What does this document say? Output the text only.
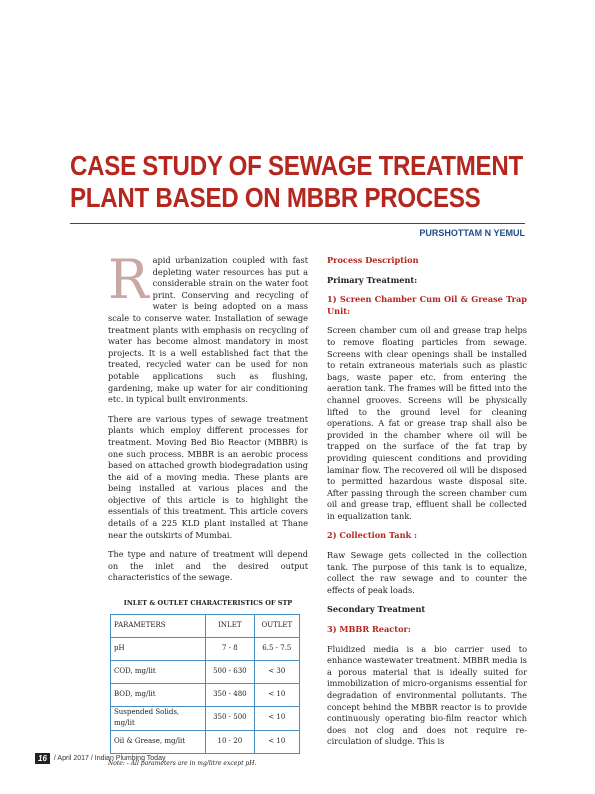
CASE STUDY OF SEWAGE TREATMENT
PLANT BASED ON MBBR PROCESS
PURSHOTTAM N YEMUL

Rapid urbanization coupled with fast depleting water resources has put a considerable strain on the water foot print. Conserving and recycling of water is being adopted on a mass scale to conserve water. Installation of sewage treatment plants with emphasis on recycling of water has become almost mandatory in most projects. It is a well established fact that the treated, recycled water can be used for non potable applications such as flushing, gardening, make up water for air conditioning etc. in typical built environments.

There are various types of sewage treatment plants which employ different processes for treatment. Moving Bed Bio Reactor (MBBR) is one such process. MBBR is an aerobic process based on attached growth biodegradation using the aid of a moving media. These plants are being installed at various places and the objective of this article is to highlight the essentials of this treatment. This article covers details of a 225 KLD plant installed at Thane near the outskirts of Mumbai.

The type and nature of treatment will depend on the inlet and the desired output characteristics of the sewage.

INLET & OUTLET CHARACTERISTICS OF STP
PARAMETERS	INLET	OUTLET
pH	7 - 8	6.5 - 7.5
COD, mg/lit	500 - 630	< 30
BOD, mg/lit	350 - 480	< 10
Suspended Solids, mg/lit	350 - 500	< 10
Oil & Grease, mg/lit	10 - 20	< 10
Note: - All parameters are in mg/litre except pH.

Process Description

Primary Treatment:

1) Screen Chamber Cum Oil & Grease Trap Unit:

Screen chamber cum oil and grease trap helps to remove floating particles from sewage. Screens with clear openings shall be installed to retain extraneous materials such as plastic bags, waste paper etc. from entering the aeration tank. The frames will be fitted into the channel grooves. Screens will be physically lifted to the ground level for cleaning operations. A fat or grease trap shall also be provided in the chamber where oil will be trapped on the surface of the fat trap by providing quiescent conditions and providing laminar flow. The recovered oil will be disposed to permitted hazardous waste disposal site. After passing through the screen chamber cum oil and grease trap, effluent shall be collected in equalization tank.

2) Collection Tank :

Raw Sewage gets collected in the collection tank. The purpose of this tank is to equalize, collect the raw sewage and to counter the effects of peak loads.

Secondary Treatment

3) MBBR Reactor:

Fluidized media is a bio carrier used to enhance wastewater treatment. MBBR media is a porous material that is ideally suited for immobilization of micro-organisms essential for degradation of environmental pollutants. The concept behind the MBBR reactor is to provide continuously operating bio-film reactor which does not clog and does not require re-circulation of sludge. This is

16	/ April 2017 / Indian Plumbing Today
